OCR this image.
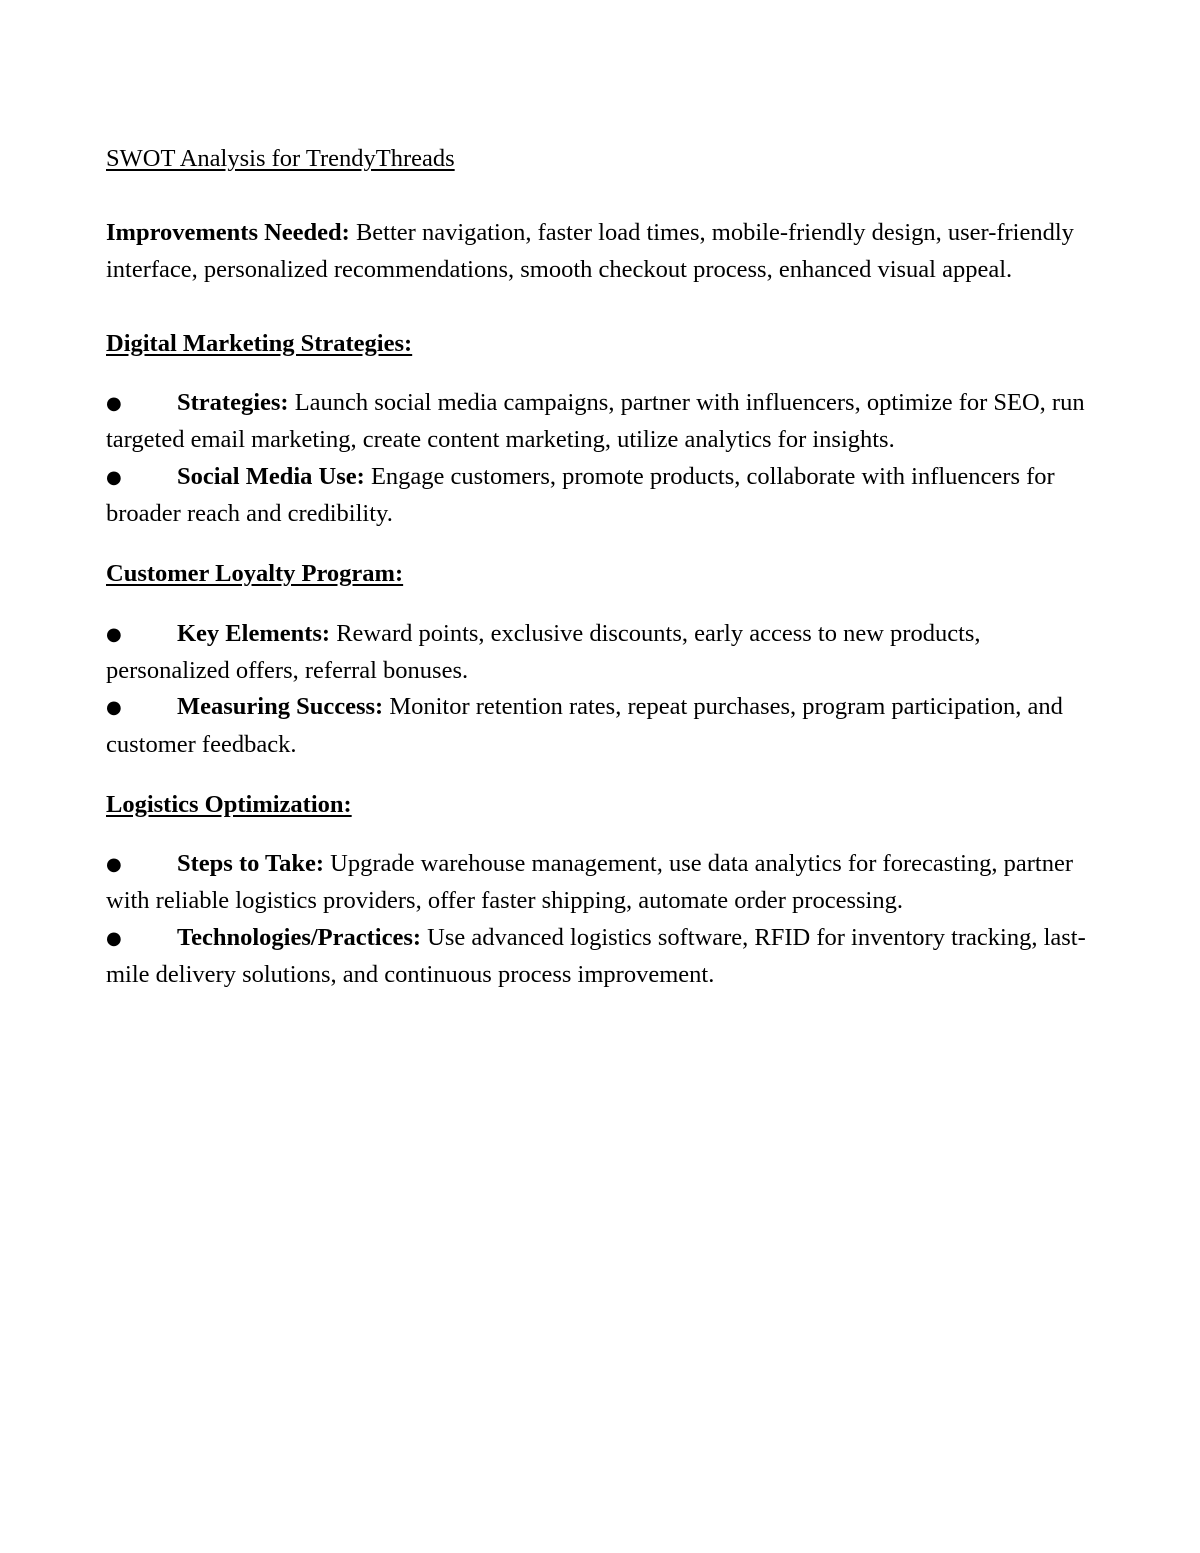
SWOT Analysis for TrendyThreads

Improvements Needed: Better navigation, faster load times, mobile-friendly design, user-friendly interface, personalized recommendations, smooth checkout process, enhanced visual appeal.

Digital Marketing Strategies:

● Strategies: Launch social media campaigns, partner with influencers, optimize for SEO, run targeted email marketing, create content marketing, utilize analytics for insights.
● Social Media Use: Engage customers, promote products, collaborate with influencers for broader reach and credibility.

Customer Loyalty Program:

● Key Elements: Reward points, exclusive discounts, early access to new products, personalized offers, referral bonuses.
● Measuring Success: Monitor retention rates, repeat purchases, program participation, and customer feedback.

Logistics Optimization:

● Steps to Take: Upgrade warehouse management, use data analytics for forecasting, partner with reliable logistics providers, offer faster shipping, automate order processing.
● Technologies/Practices: Use advanced logistics software, RFID for inventory tracking, last-mile delivery solutions, and continuous process improvement.
